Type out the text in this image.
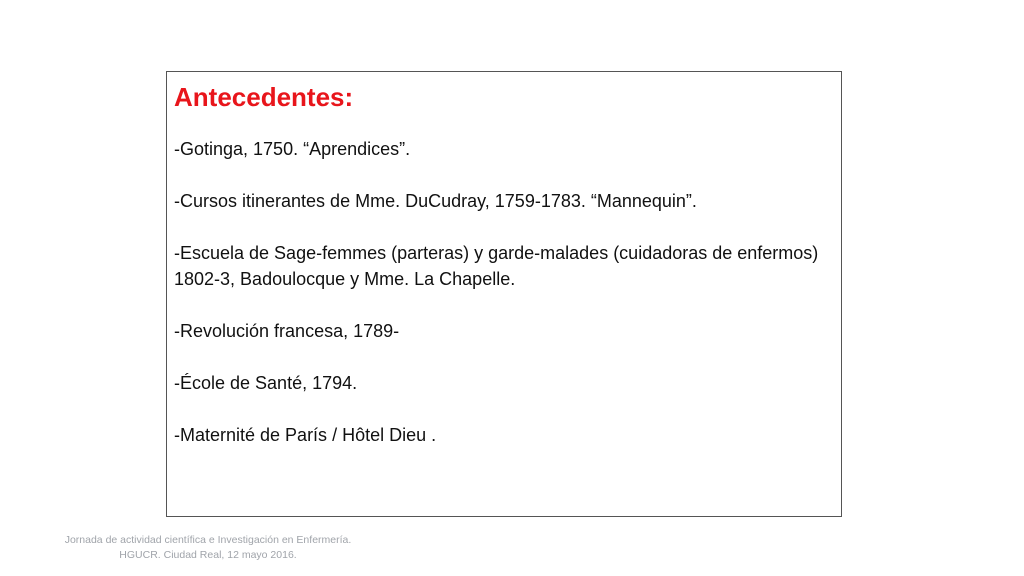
Antecedentes:
-Gotinga, 1750. “Aprendices”.
-Cursos itinerantes de Mme. DuCudray, 1759-1783. “Mannequin”.
-Escuela de Sage-femmes (parteras) y garde-malades (cuidadoras de enfermos) 1802-3, Badoulocque y Mme. La Chapelle.
-Revolución francesa, 1789-
-École de Santé, 1794.
-Maternité de París / Hôtel Dieu .
Jornada de actividad científica e Investigación en Enfermería.
HGUCR. Ciudad Real, 12 mayo 2016.
